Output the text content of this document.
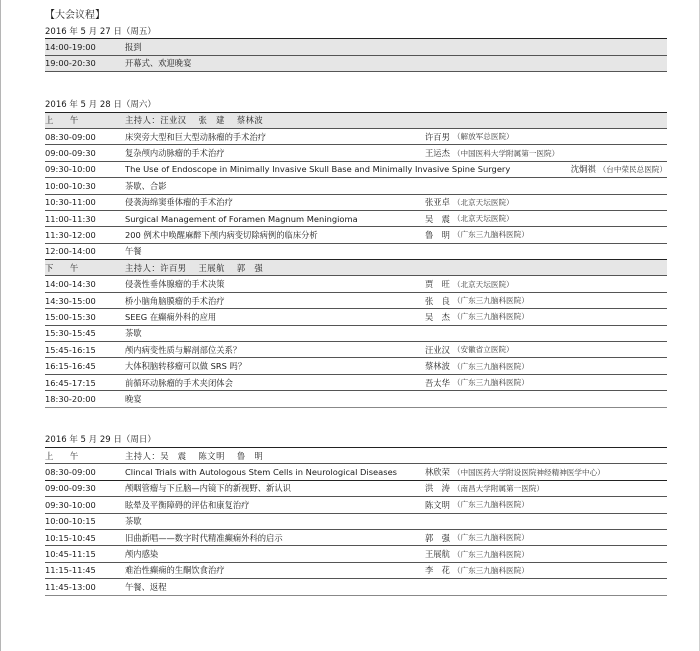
【大会议程】
2016 年 5 月 27 日（周五）
14:00-19:00	报到
19:00-20:30	开幕式、欢迎晚宴
2016 年 5 月 28 日（周六）
上　　午	主持人：汪业汉　 张　建　 蔡林波
08:30-09:00	床突旁大型和巨大型动脉瘤的手术治疗	许百男 （解放军总医院）
09:00-09:30	复杂颅内动脉瘤的手术治疗	王运杰 （中国医科大学附属第一医院）
09:30-10:00	The Use of Endoscope in Minimally Invasive Skull Base and Minimally Invasive Spine Surgery	沈炯祺 （台中荣民总医院）
10:00-10:30	茶歇、合影
10:30-11:00	侵袭海绵窦垂体瘤的手术治疗	张亚卓 （北京天坛医院）
11:00-11:30	Surgical Management of Foramen Magnum Meningioma	吴　震 （北京天坛医院）
11:30-12:00	200 例术中唤醒麻醉下颅内病变切除病例的临床分析	鲁　明 （广东三九脑科医院）
12:00-14:00	午餐
下　　午	主持人：许百男　 王展航　 郭　强
14:00-14:30	侵袭性垂体腺瘤的手术决策	贾　旺 （北京天坛医院）
14:30-15:00	桥小脑角脑膜瘤的手术治疗	张　良 （广东三九脑科医院）
15:00-15:30	SEEG 在癫痫外科的应用	吴　杰 （广东三九脑科医院）
15:30-15:45	茶歇
15:45-16:15	颅内病变性质与解剖部位关系？	汪业汉 （安徽省立医院）
16:15-16:45	大体积脑转移瘤可以做 SRS 吗？	蔡林波 （广东三九脑科医院）
16:45-17:15	前循环动脉瘤的手术夹闭体会	吾太华 （广东三九脑科医院）
18:30-20:00	晚宴
2016 年 5 月 29 日（周日）
上　　午	主持人：吴　震　 陈文明　 鲁　明
08:30-09:00	Clincal Trials with Autologous Stem Cells in Neurological Diseases	林欣荣 （中国医药大学附设医院神经精神医学中心）
09:00-09:30	颅咽管瘤与下丘脑—内镜下的新视野、新认识	洪　涛 （南昌大学附属第一医院）
09:30-10:00	眩晕及平衡障碍的评估和康复治疗	陈文明 （广东三九脑科医院）
10:00-10:15	茶歇
10:15-10:45	旧曲新唱——数字时代精准癫痫外科的启示	郭　强 （广东三九脑科医院）
10:45-11:15	颅内感染	王展航 （广东三九脑科医院）
11:15-11:45	难治性癫痫的生酮饮食治疗	李　花 （广东三九脑科医院）
11:45-13:00	午餐、返程
